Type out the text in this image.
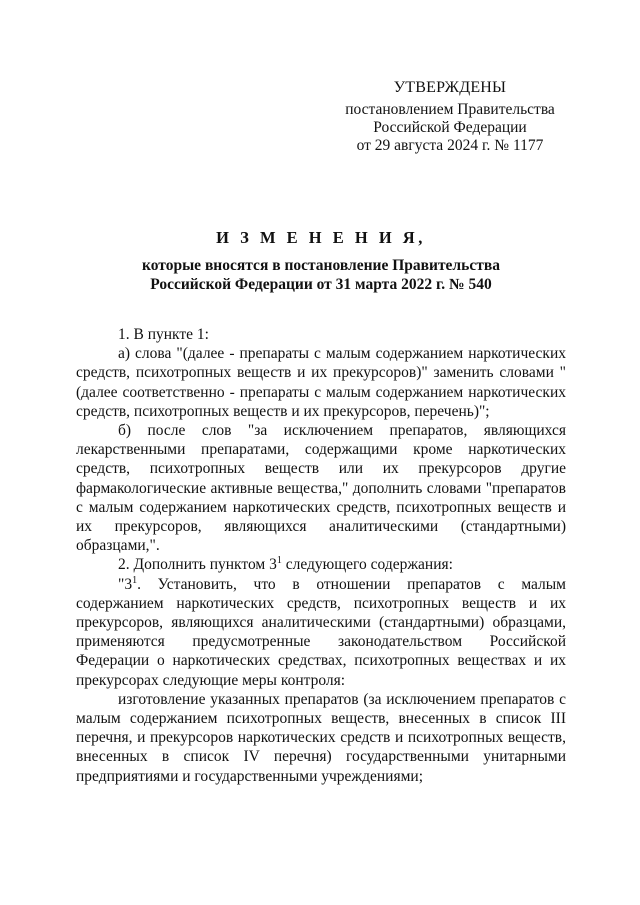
УТВЕРЖДЕНЫ
постановлением Правительства
Российской Федерации
от 29 августа 2024 г. № 1177
И З М Е Н Е Н И Я,
которые вносятся в постановление Правительства
Российской Федерации от 31 марта 2022 г. № 540

1. В пункте 1:

а) слова "(далее - препараты с малым содержанием наркотических средств, психотропных веществ и их прекурсоров)" заменить словами "(далее соответственно - препараты с малым содержанием наркотических средств, психотропных веществ и их прекурсоров, перечень)";

б) после слов "за исключением препаратов, являющихся лекарственными препаратами, содержащими кроме наркотических средств, психотропных веществ или их прекурсоров другие фармакологические активные вещества," дополнить словами "препаратов с малым содержанием наркотических средств, психотропных веществ и их прекурсоров, являющихся аналитическими (стандартными) образцами,".

2. Дополнить пунктом $3^1$ следующего содержания:

"$3^1$. Установить, что в отношении препаратов с малым содержанием наркотических средств, психотропных веществ и их прекурсоров, являющихся аналитическими (стандартными) образцами, применяются предусмотренные законодательством Российской Федерации о наркотических средствах, психотропных веществах и их прекурсорах следующие меры контроля:

изготовление указанных препаратов (за исключением препаратов с малым содержанием психотропных веществ, внесенных в список III перечня, и прекурсоров наркотических средств и психотропных веществ, внесенных в список IV перечня) государственными унитарными предприятиями и государственными учреждениями;
